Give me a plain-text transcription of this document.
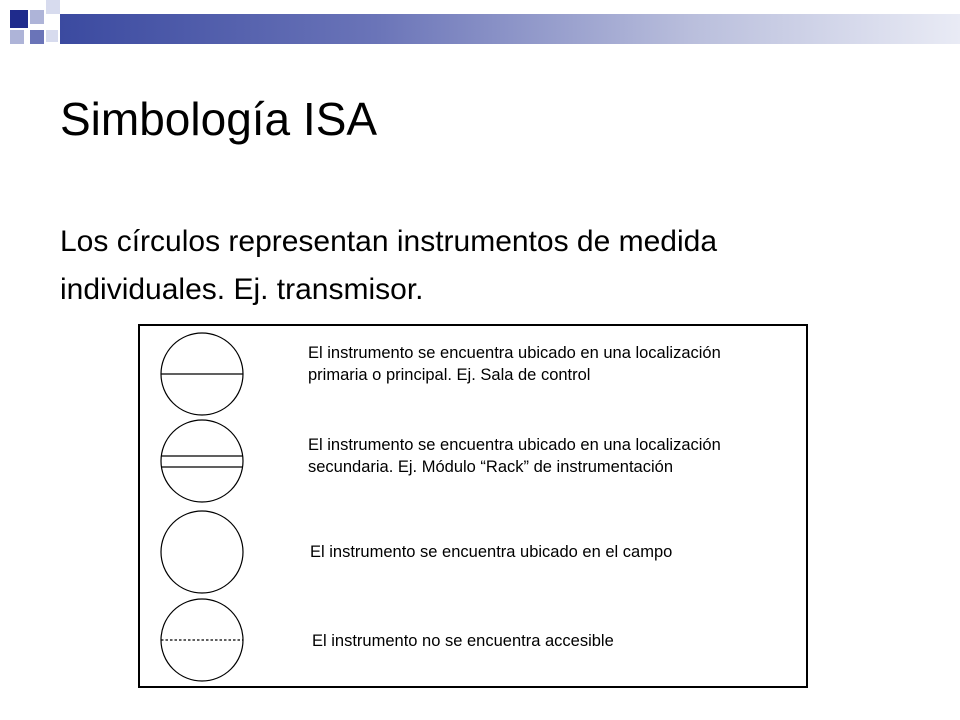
Simbología ISA
Los círculos representan instrumentos de medida
individuales. Ej. transmisor.
El instrumento se encuentra ubicado en una localización
primaria o principal. Ej. Sala de control
El instrumento se encuentra ubicado en una localización
secundaria. Ej. Módulo “Rack” de instrumentación
El instrumento se encuentra ubicado en el campo
El instrumento no se encuentra accesible
